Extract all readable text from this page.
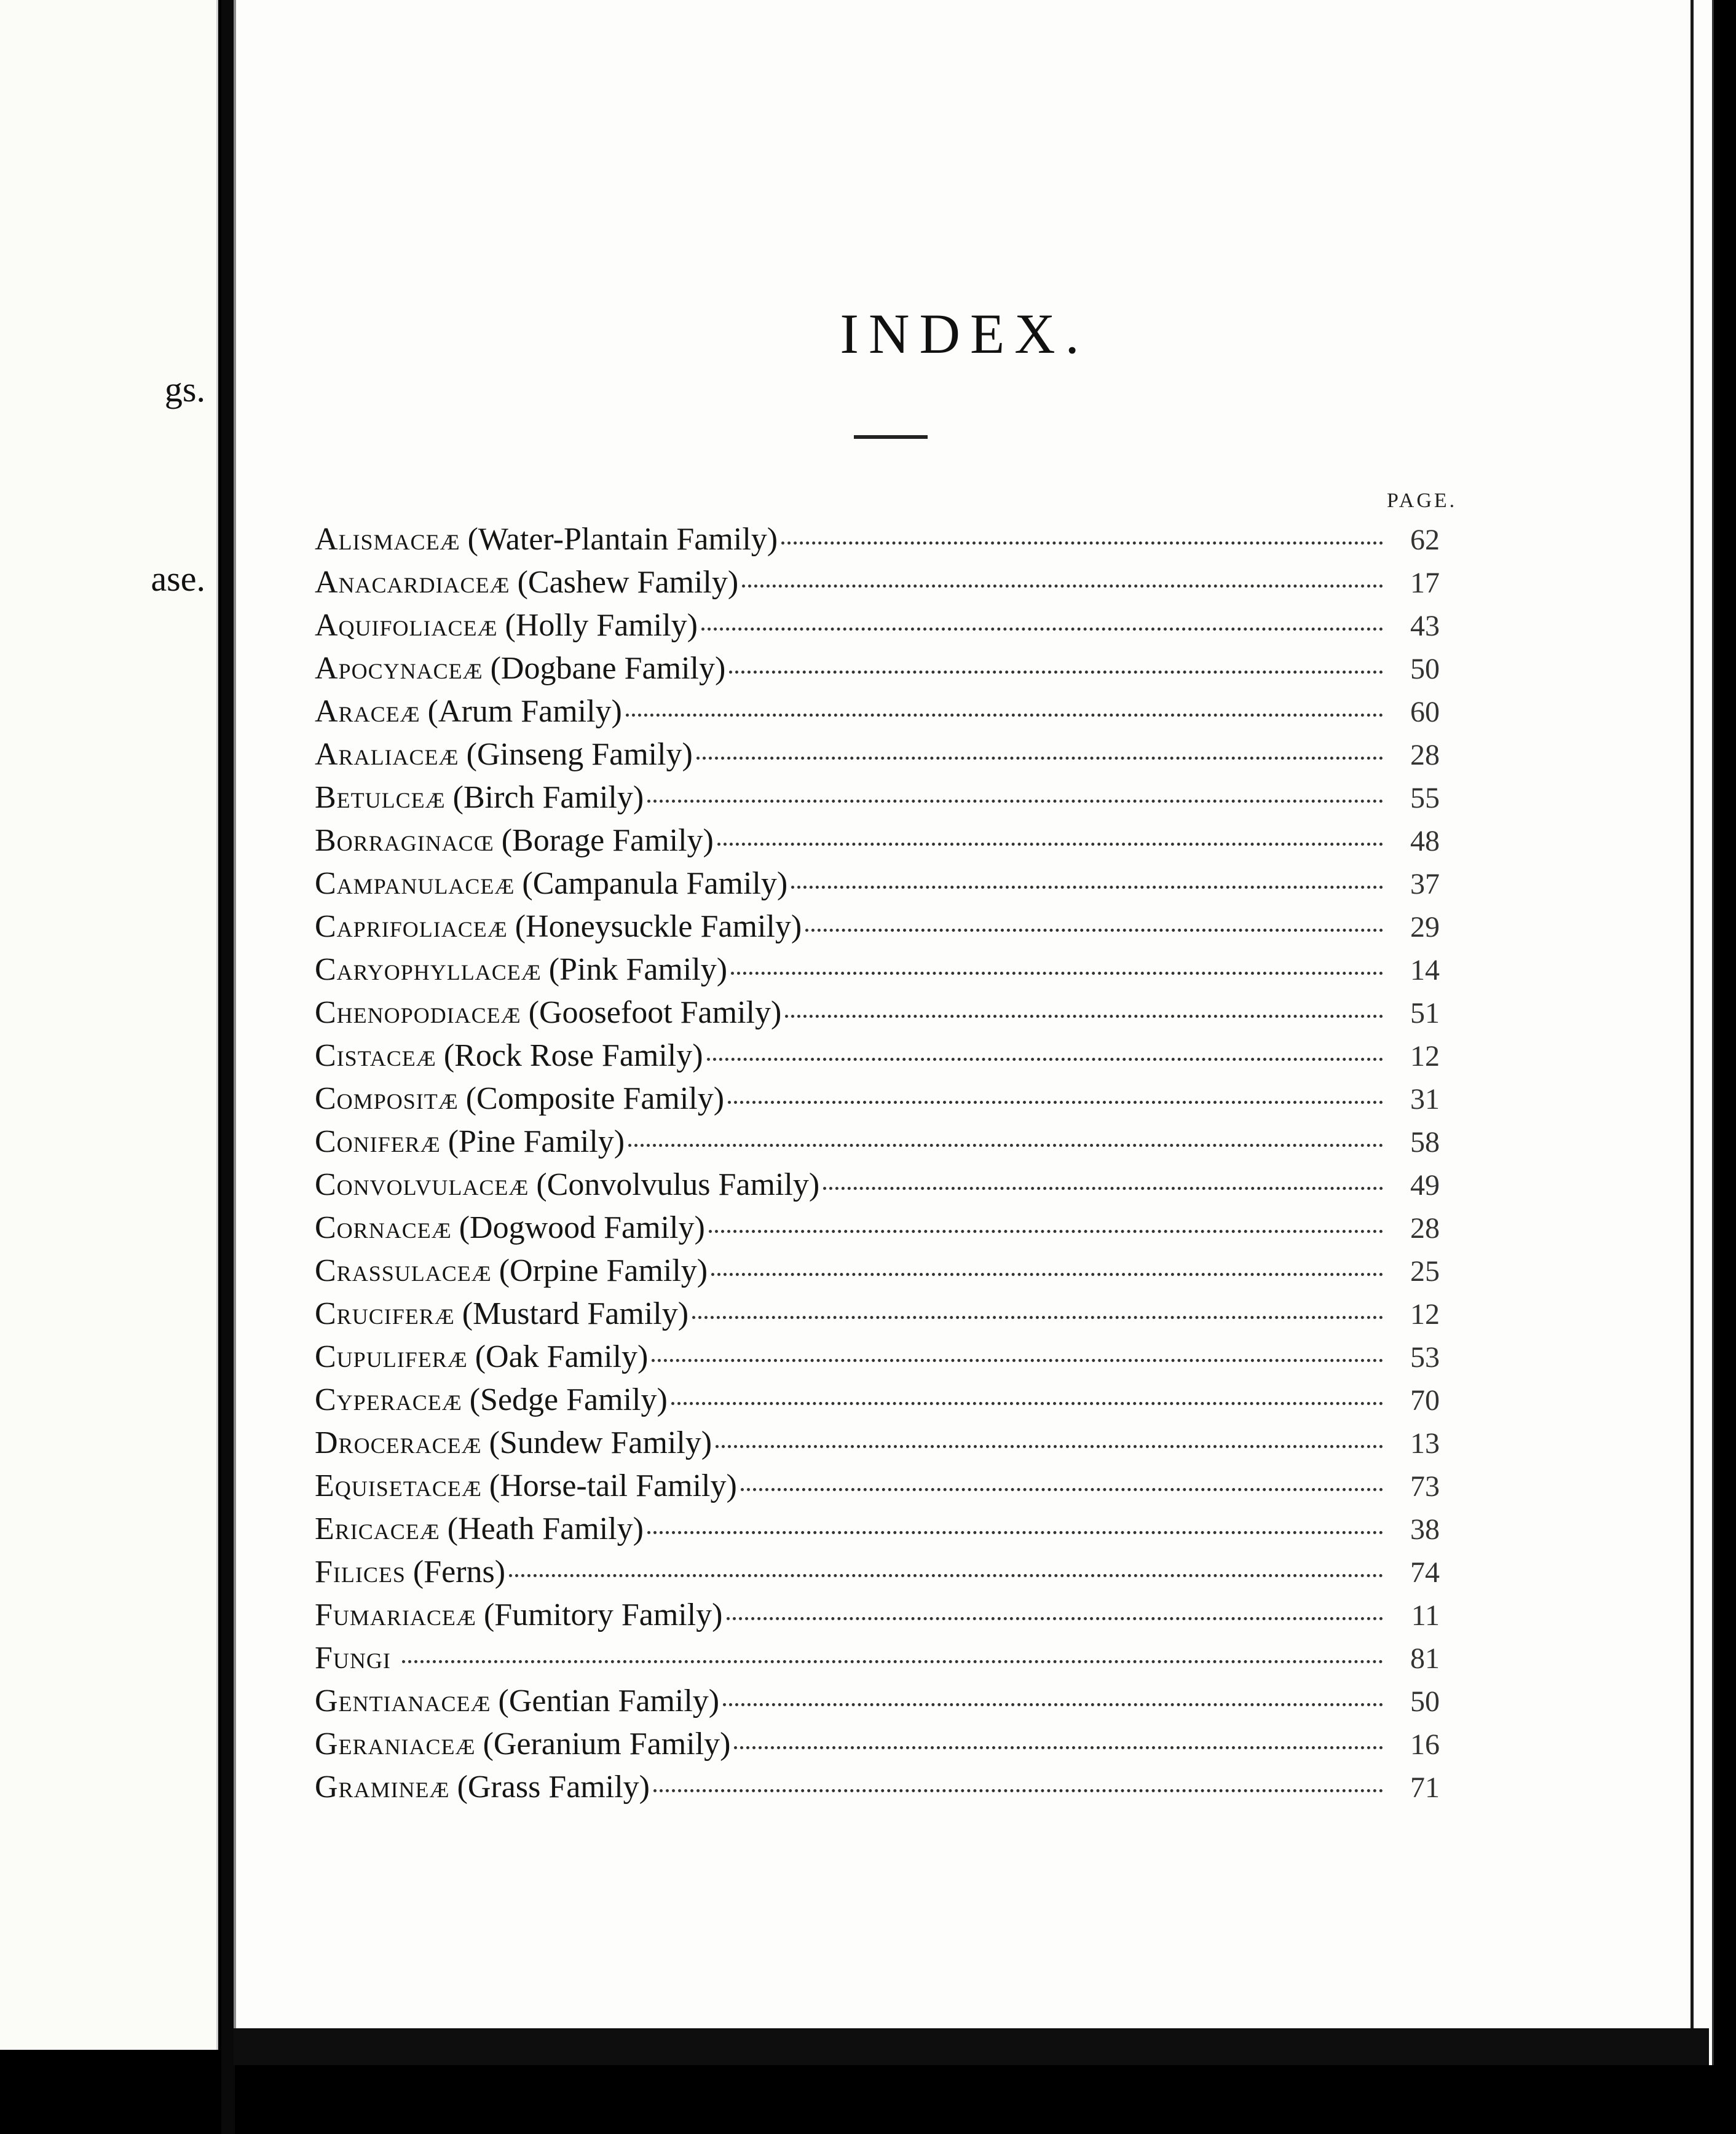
gs.
ase.
INDEX.
PAGE.
Alismaceæ (Water-Plantain Family)	62
Anacardiaceæ (Cashew Family)	17
Aquifoliaceæ (Holly Family)	43
Apocynaceæ (Dogbane Family)	50
Araceæ (Arum Family)	60
Araliaceæ (Ginseng Family)	28
Betulceæ (Birch Family)	55
Borraginacœ (Borage Family)	48
Campanulaceæ (Campanula Family)	37
Caprifoliaceæ (Honeysuckle Family)	29
Caryophyllaceæ (Pink Family)	14
Chenopodiaceæ (Goosefoot Family)	51
Cistaceæ (Rock Rose Family)	12
Compositæ (Composite Family)	31
Coniferæ (Pine Family)	58
Convolvulaceæ (Convolvulus Family)	49
Cornaceæ (Dogwood Family)	28
Crassulaceæ (Orpine Family)	25
Cruciferæ (Mustard Family)	12
Cupuliferæ (Oak Family)	53
Cyperaceæ (Sedge Family)	70
Droceraceæ (Sundew Family)	13
Equisetaceæ (Horse-tail Family)	73
Ericaceæ (Heath Family)	38
Filices (Ferns)	74
Fumariaceæ (Fumitory Family)	11
Fungi	81
Gentianaceæ (Gentian Family)	50
Geraniaceæ (Geranium Family)	16
Gramineæ (Grass Family)	71
